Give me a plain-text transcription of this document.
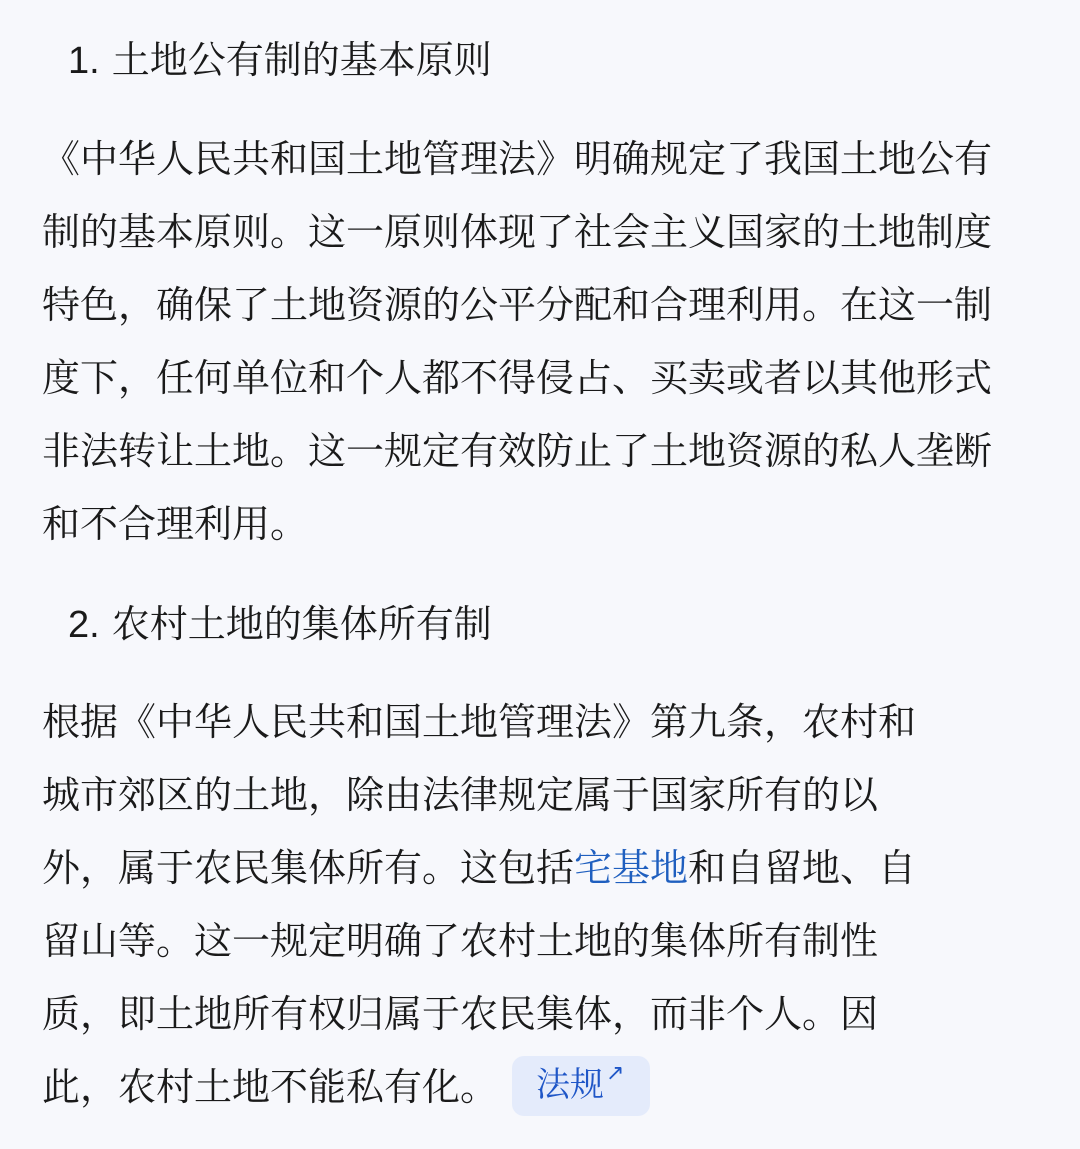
1. 土地公有制的基本原则

《中华人民共和国土地管理法》明确规定了我国土地公有制的基本原则。这一原则体现了社会主义国家的土地制度特色，确保了土地资源的公平分配和合理利用。在这一制度下，任何单位和个人都不得侵占、买卖或者以其他形式非法转让土地。这一规定有效防止了土地资源的私人垄断和不合理利用。

2. 农村土地的集体所有制

根据《中华人民共和国土地管理法》第九条，农村和
城市郊区的土地，除由法律规定属于国家所有的以
外，属于农民集体所有。这包括宅基地和自留地、自
留山等。这一规定明确了农村土地的集体所有制性
质，即土地所有权归属于农民集体，而非个人。因
此，农村土地不能私有化。 法规↗
